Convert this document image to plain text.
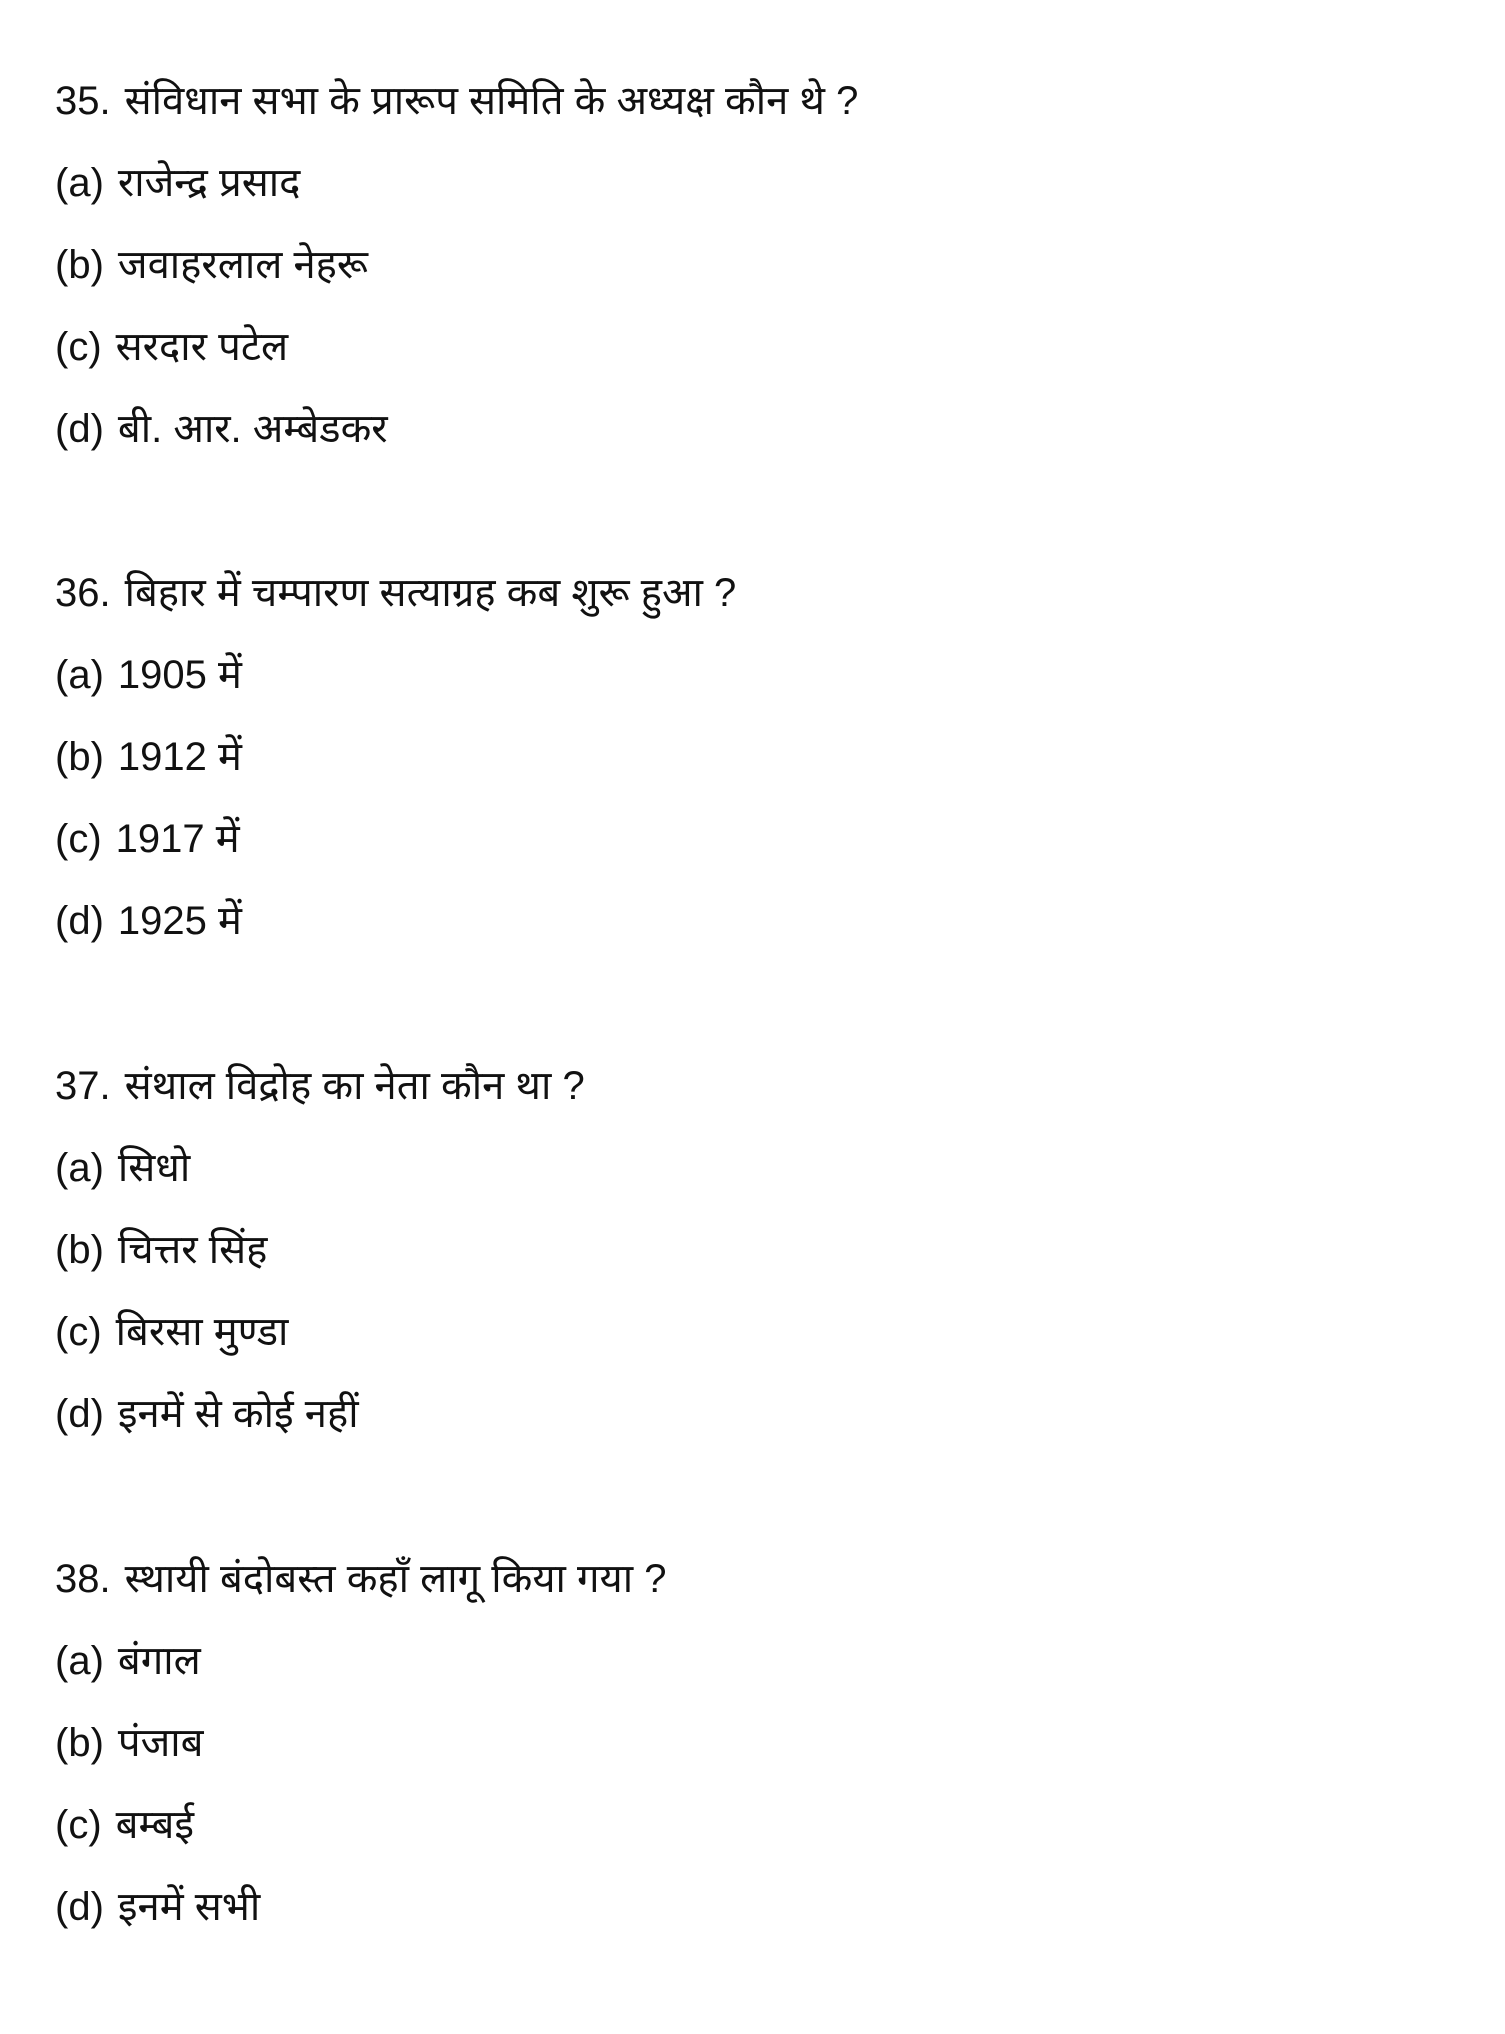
35. संविधान सभा के प्रारूप समिति के अध्यक्ष कौन थे ?
(a) राजेन्द्र प्रसाद
(b) जवाहरलाल नेहरू
(c) सरदार पटेल
(d) बी. आर. अम्बेडकर
36. बिहार में चम्पारण सत्याग्रह कब शुरू हुआ ?
(a) 1905 में
(b) 1912 में
(c) 1917 में
(d) 1925 में
37. संथाल विद्रोह का नेता कौन था ?
(a) सिधो
(b) चित्तर सिंह
(c) बिरसा मुण्डा
(d) इनमें से कोई नहीं
38. स्थायी बंदोबस्त कहाँ लागू किया गया ?
(a) बंगाल
(b) पंजाब
(c) बम्बई
(d) इनमें सभी
